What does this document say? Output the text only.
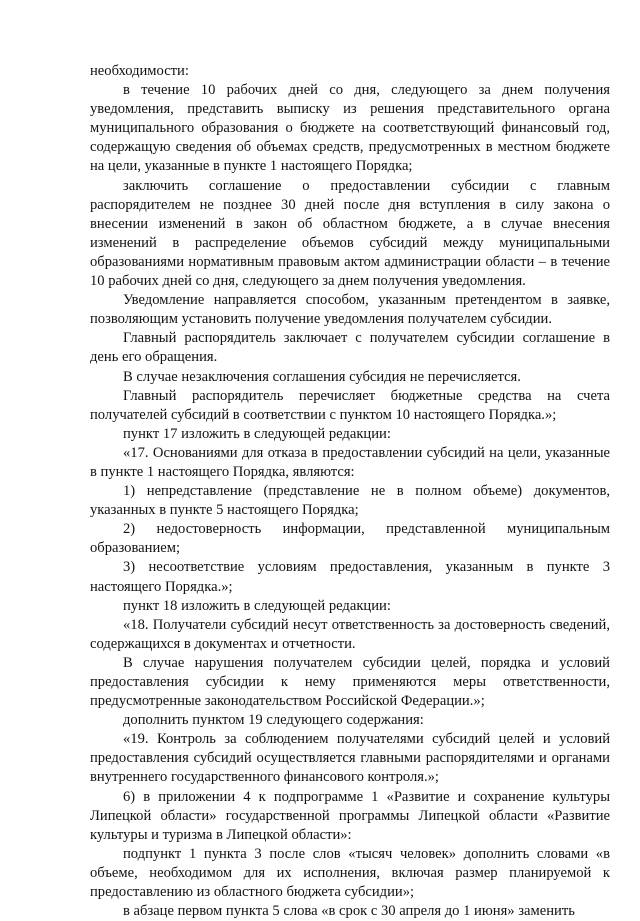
необходимости:

в течение 10 рабочих дней со дня, следующего за днем получения уведомления, представить выписку из решения представительного органа муниципального образования о бюджете на соответствующий финансовый год, содержащую сведения об объемах средств, предусмотренных в местном бюджете на цели, указанные в пункте 1 настоящего Порядка;

заключить соглашение о предоставлении субсидии с главным распорядителем не позднее 30 дней после дня вступления в силу закона о внесении изменений в закон об областном бюджете, а в случае внесения изменений в распределение объемов субсидий между муниципальными образованиями нормативным правовым актом администрации области – в течение 10 рабочих дней со дня, следующего за днем получения уведомления.

Уведомление направляется способом, указанным претендентом в заявке, позволяющим установить получение уведомления получателем субсидии.

Главный распорядитель заключает с получателем субсидии соглашение в день его обращения.

В случае незаключения соглашения субсидия не перечисляется.

Главный распорядитель перечисляет бюджетные средства на счета получателей субсидий в соответствии с пунктом 10 настоящего Порядка.»;

пункт 17 изложить в следующей редакции:

«17. Основаниями для отказа в предоставлении субсидий на цели, указанные в пункте 1 настоящего Порядка, являются:

1) непредставление (представление не в полном объеме) документов, указанных в пункте 5 настоящего Порядка;

2) недостоверность информации, представленной муниципальным образованием;

3) несоответствие условиям предоставления, указанным в пункте 3 настоящего Порядка.»;

пункт 18 изложить в следующей редакции:

«18. Получатели субсидий несут ответственность за достоверность сведений, содержащихся в документах и отчетности.

В случае нарушения получателем субсидии целей, порядка и условий предоставления субсидии к нему применяются меры ответственности, предусмотренные законодательством Российской Федерации.»;

дополнить пунктом 19 следующего содержания:

«19. Контроль за соблюдением получателями субсидий целей и условий предоставления субсидий осуществляется главными распорядителями и органами внутреннего государственного финансового контроля.»;

6) в приложении 4 к подпрограмме 1 «Развитие и сохранение культуры Липецкой области» государственной программы Липецкой области «Развитие культуры и туризма в Липецкой области»:

подпункт 1 пункта 3 после слов «тысяч человек» дополнить словами «в объеме, необходимом для их исполнения, включая размер планируемой к предоставлению из областного бюджета субсидии»;

в абзаце первом пункта 5 слова «в срок с 30 апреля до 1 июня» заменить
